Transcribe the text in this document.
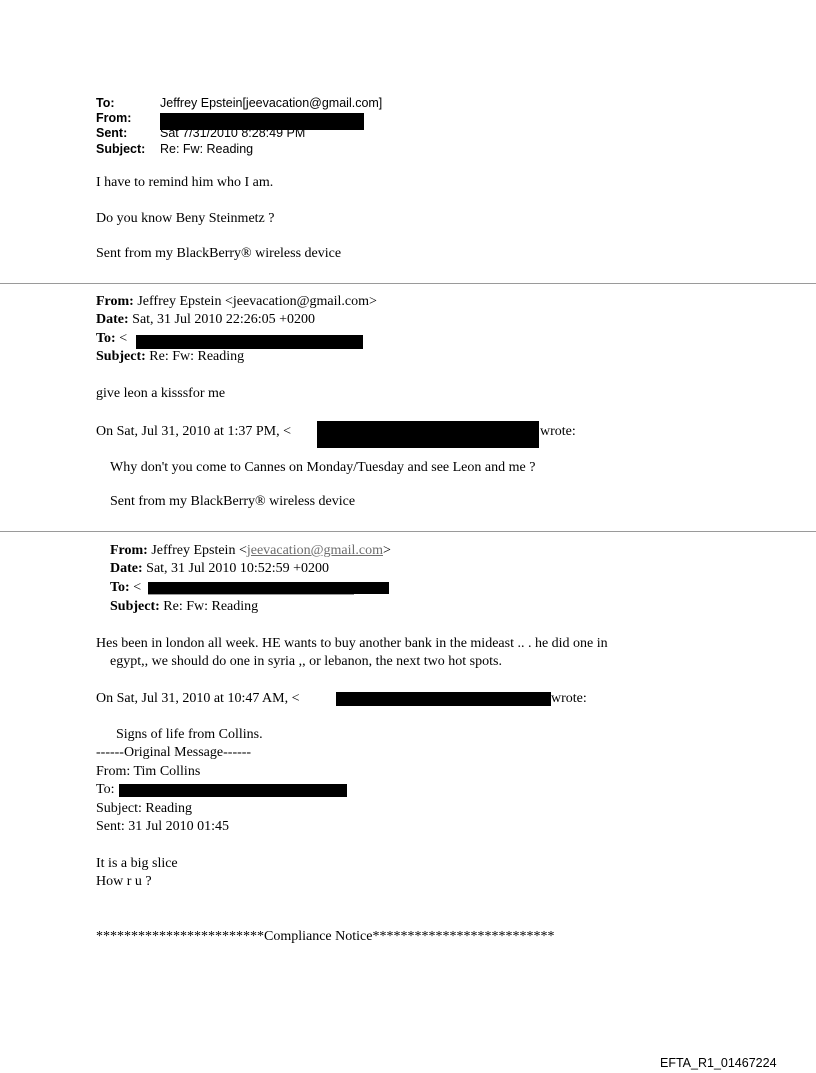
To:	Jeffrey Epstein[jeevacation@gmail.com]
From:
Sent:	Sat 7/31/2010 8:28:49 PM
Subject: Re: Fw: Reading
I have to remind him who I am.
Do you know Beny Steinmetz ?
Sent from my BlackBerry® wireless device
From: Jeffrey Epstein <jeevacation@gmail.com>
Date: Sat, 31 Jul 2010 22:26:05 +0200
To: <
Subject: Re: Fw: Reading
give leon a kisssfor me
On Sat, Jul 31, 2010 at 1:37 PM, <	wrote:
Why don't you come to Cannes on Monday/Tuesday and see Leon and me ?
Sent from my BlackBerry® wireless device
From: Jeffrey Epstein <jeevacation@gmail.com>
Date: Sat, 31 Jul 2010 10:52:59 +0200
To: <
Subject: Re: Fw: Reading
Hes been in london all week. HE wants to buy another bank in the mideast .. . he did one in
egypt,, we should do one in syria ,, or lebanon, the next two hot spots.
On Sat, Jul 31, 2010 at 10:47 AM, <	wrote:
Signs of life from Collins.
------Original Message------
From: Tim Collins
To:
Subject: Reading
Sent: 31 Jul 2010 01:45
It is a big slice
How r u ?
************************Compliance Notice**************************
EFTA_R1_01467224
